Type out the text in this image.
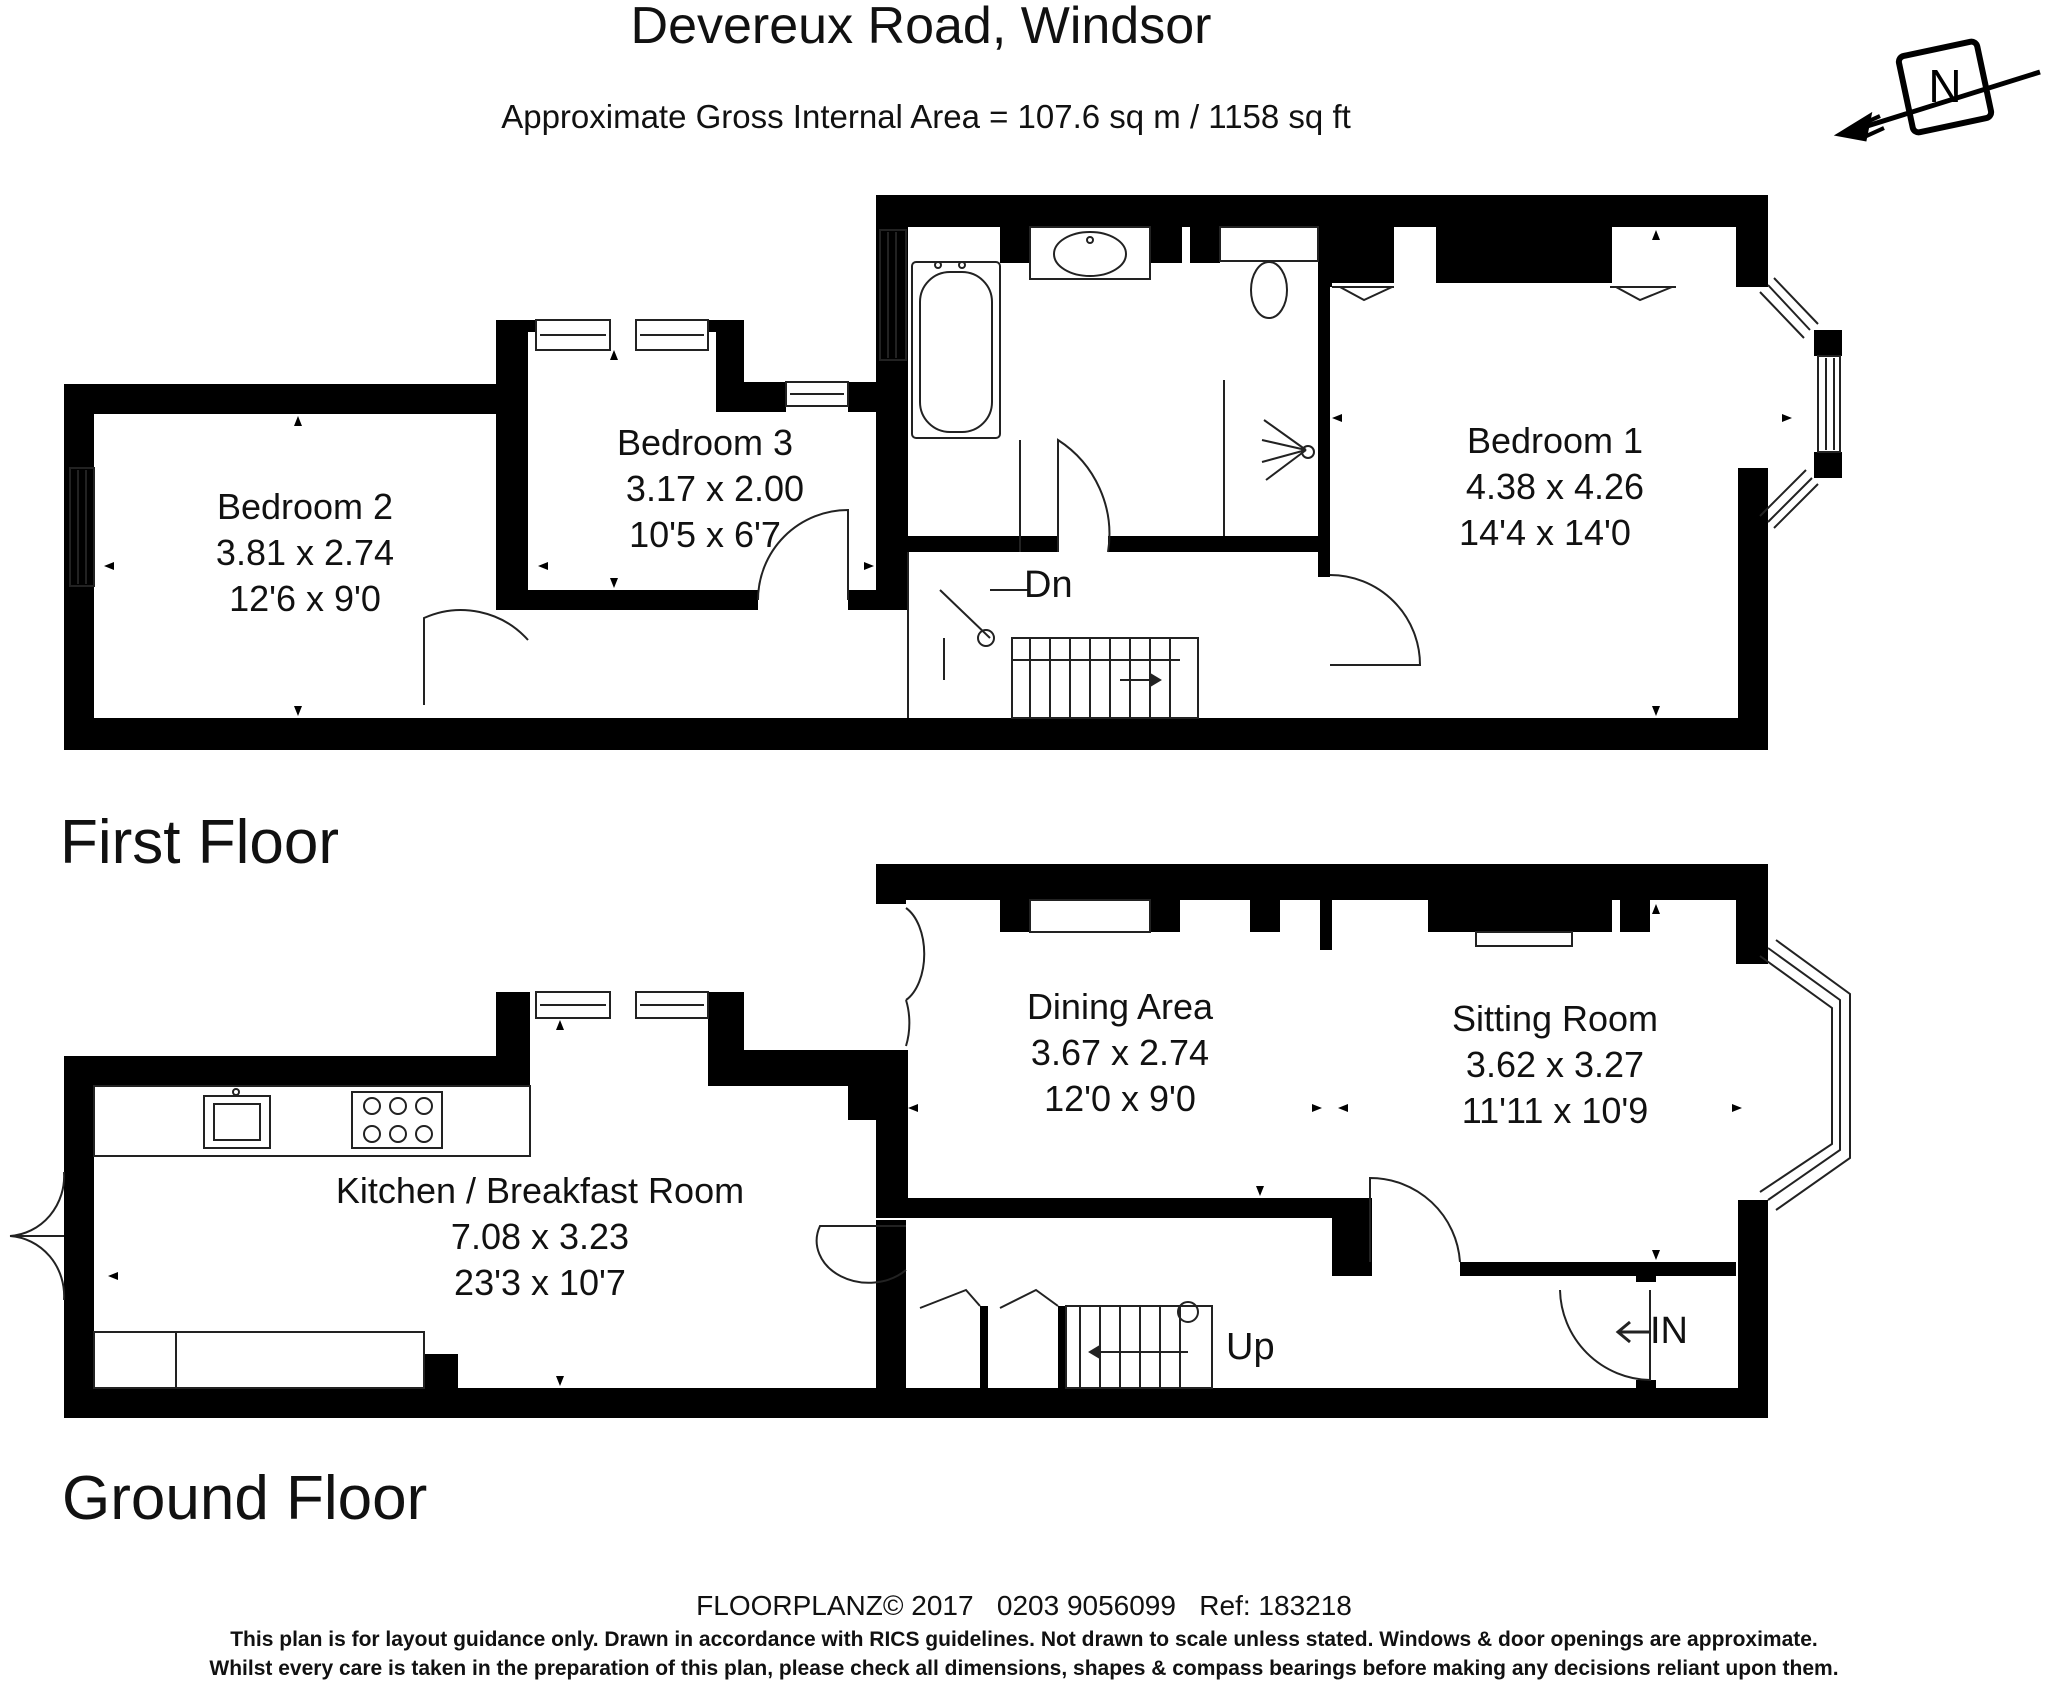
Devereux Road, Windsor
Approximate Gross Internal Area = 107.6 sq m / 1158 sq ft
N
First Floor
Bedroom 2
3.81 x 2.74
12'6 x 9'0
Bedroom 3
3.17 x 2.00
10'5 x 6'7
Bedroom 1
4.38 x 4.26
14'4 x 14'0
Dn
Ground Floor
Kitchen / Breakfast Room
7.08 x 3.23
23'3 x 10'7
Dining Area
3.67 x 2.74
12'0 x 9'0
Sitting Room
3.62 x 3.27
11'11 x 10'9
Up	IN
FLOORPLANZ© 2017   0203 9056099   Ref: 183218
This plan is for layout guidance only. Drawn in accordance with RICS guidelines. Not drawn to scale unless stated. Windows & door openings are approximate.
Whilst every care is taken in the preparation of this plan, please check all dimensions, shapes & compass bearings before making any decisions reliant upon them.
